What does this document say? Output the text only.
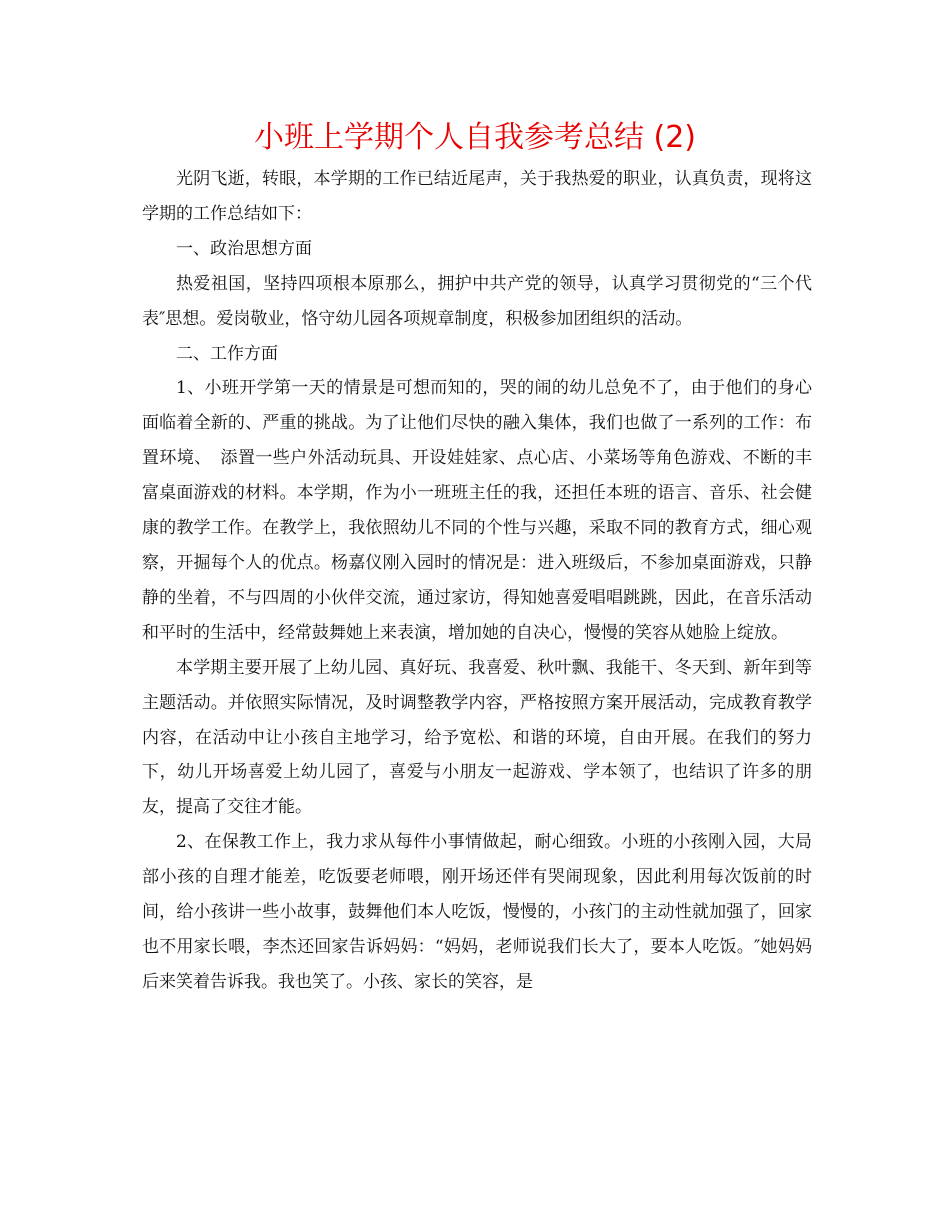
小班上学期个人自我参考总结 (2)

光阴飞逝，转眼，本学期的工作已结近尾声，关于我热爱的职业，认真负责，现将这学期的工作总结如下：

一、政治思想方面

热爱祖国，坚持四项根本原那么，拥护中共产党的领导，认真学习贯彻党的“三个代表″思想。爱岗敬业，恪守幼儿园各项规章制度，积极参加团组织的活动。

二、工作方面

1、小班开学第一天的情景是可想而知的，哭的闹的幼儿总免不了，由于他们的身心面临着全新的、严重的挑战。为了让他们尽快的融入集体，我们也做了一系列的工作：布置环境、　添置一些户外活动玩具、开设娃娃家、点心店、小菜场等角色游戏、不断的丰富桌面游戏的材料。本学期，作为小一班班主任的我，还担任本班的语言、音乐、社会健康的教学工作。在教学上，我依照幼儿不同的个性与兴趣，采取不同的教育方式，细心观察，开掘每个人的优点。杨嘉仪刚入园时的情况是：进入班级后，不参加桌面游戏，只静静的坐着，不与四周的小伙伴交流，通过家访，得知她喜爱唱唱跳跳，因此，在音乐活动和平时的生活中，经常鼓舞她上来表演，增加她的自决心，慢慢的笑容从她脸上绽放。

本学期主要开展了上幼儿园、真好玩、我喜爱、秋叶飘、我能干、冬天到、新年到等主题活动。并依照实际情况，及时调整教学内容，严格按照方案开展活动，完成教育教学内容，在活动中让小孩自主地学习，给予宽松、和谐的环境，自由开展。在我们的努力下，幼儿开场喜爱上幼儿园了，喜爱与小朋友一起游戏、学本领了，也结识了许多的朋友，提高了交往才能。

2、在保教工作上，我力求从每件小事情做起，耐心细致。小班的小孩刚入园，大局部小孩的自理才能差，吃饭要老师喂，刚开场还伴有哭闹现象，因此利用每次饭前的时间，给小孩讲一些小故事，鼓舞他们本人吃饭，慢慢的，小孩门的主动性就加强了，回家也不用家长喂，李杰还回家告诉妈妈：“妈妈，老师说我们长大了，要本人吃饭。″她妈妈后来笑着告诉我。我也笑了。小孩、家长的笑容，是
